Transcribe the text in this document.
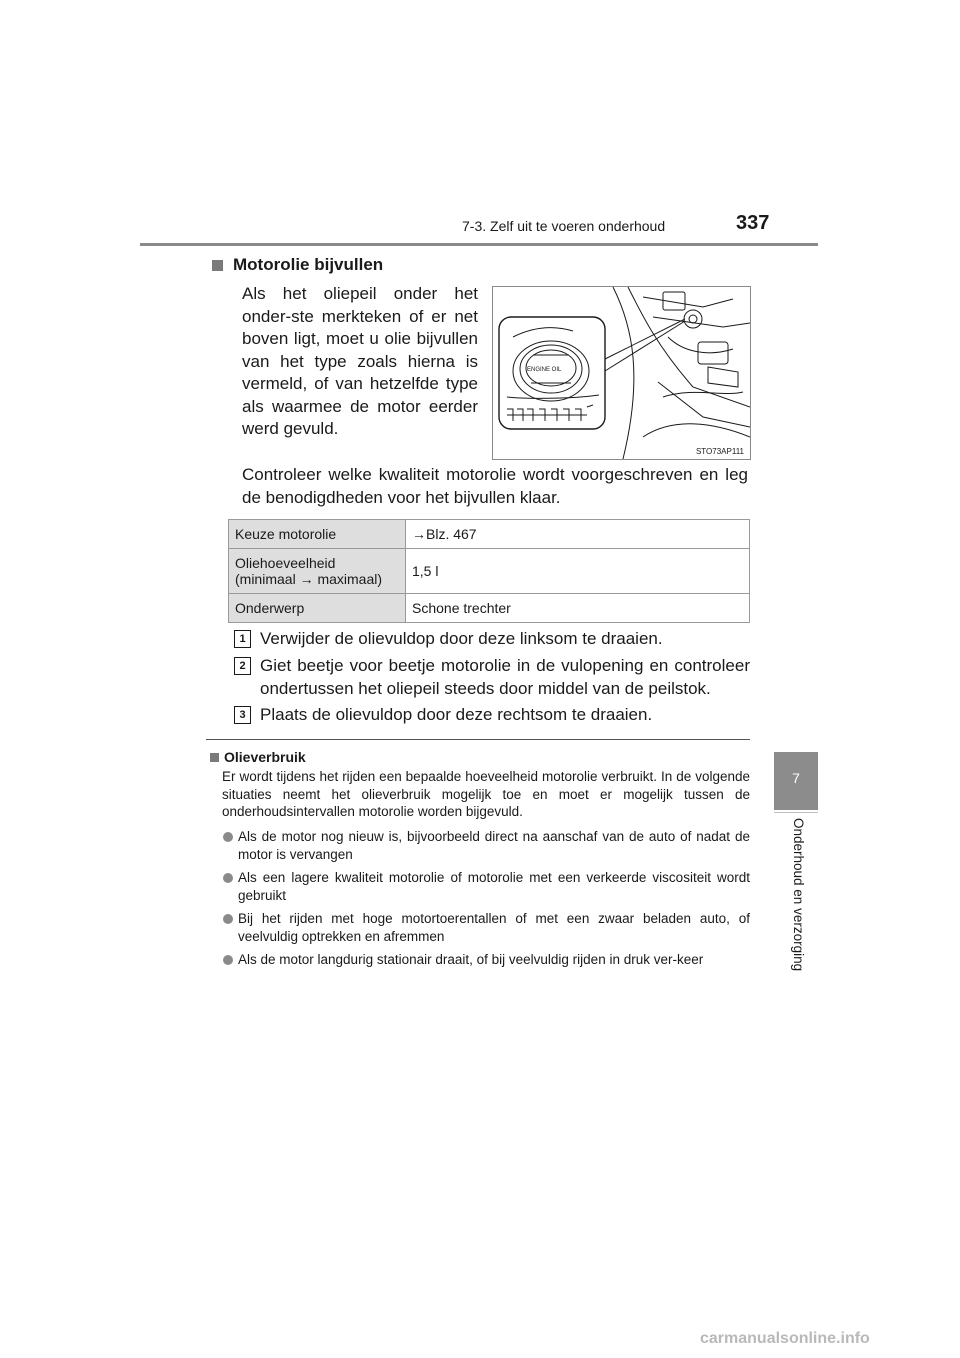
7-3. Zelf uit te voeren onderhoud	337
7
Onderhoud en verzorging
Motorolie bijvullen
Als het oliepeil onder het onder-ste merkteken of er net boven ligt, moet u olie bijvullen van het type zoals hierna is vermeld, of van hetzelfde type als waarmee de motor eerder werd gevuld.
ENGINE OIL
STO73AP111
Controleer welke kwaliteit motorolie wordt voorgeschreven en leg de benodigdheden voor het bijvullen klaar.
Keuze motorolie	→Blz. 467
Oliehoeveelheid (minimaal → maximaal)	1,5 l
Onderwerp	Schone trechter
1 Verwijder de olievuldop door deze linksom te draaien.
2 Giet beetje voor beetje motorolie in de vulopening en controleer ondertussen het oliepeil steeds door middel van de peilstok.
3 Plaats de olievuldop door deze rechtsom te draaien.
Olieverbruik
Er wordt tijdens het rijden een bepaalde hoeveelheid motorolie verbruikt. In de volgende situaties neemt het olieverbruik mogelijk toe en moet er mogelijk tussen de onderhoudsintervallen motorolie worden bijgevuld.
Als de motor nog nieuw is, bijvoorbeeld direct na aanschaf van de auto of nadat de motor is vervangen
Als een lagere kwaliteit motorolie of motorolie met een verkeerde viscositeit wordt gebruikt
Bij het rijden met hoge motortoerentallen of met een zwaar beladen auto, of veelvuldig optrekken en afremmen
Als de motor langdurig stationair draait, of bij veelvuldig rijden in druk ver-keer
carmanualsonline.info
